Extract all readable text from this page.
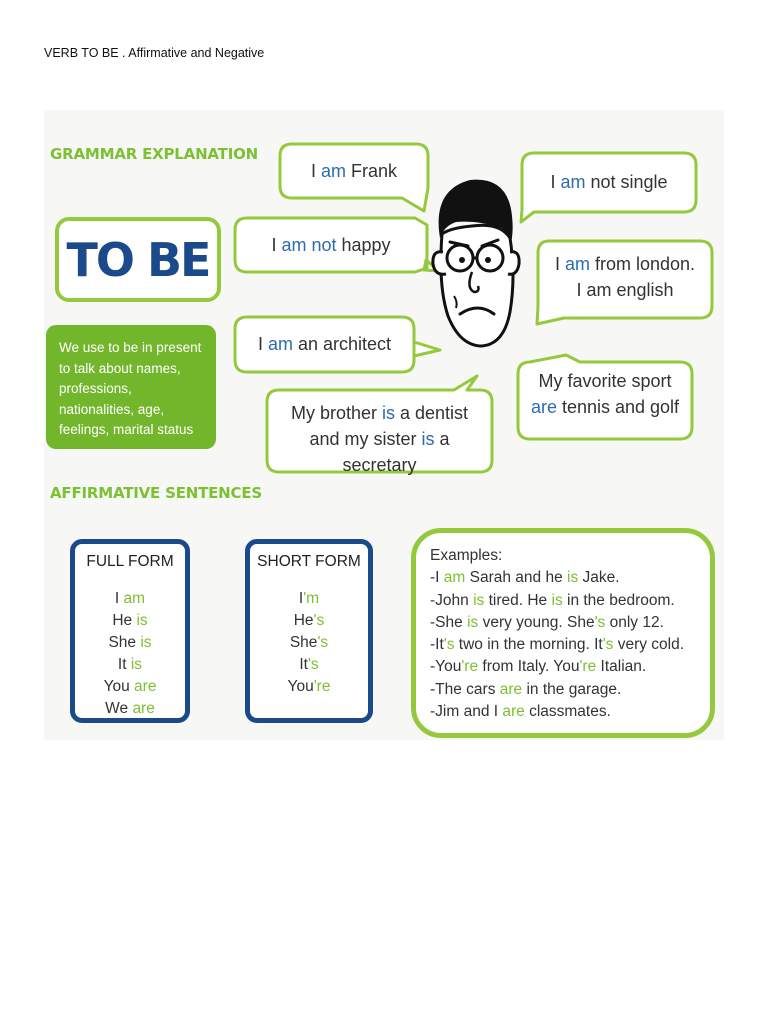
VERB TO BE . Affirmative and Negative
GRAMMAR EXPLANATION
TO BE
We use to be in present
to talk about names,
professions,
nationalities, age,
feelings, marital status
I am Frank
I am not happy
I am an architect
My brother is a dentist
and my sister is a
secretary
I am not single
I am from london.
I am english
My favorite sport
are tennis and golf
AFFIRMATIVE SENTENCES
FULL FORM
I am
He is
She is
It is
You are
We are
SHORT FORM
I'm
He's
She's
It's
You're
Examples:
-I am Sarah and he is Jake.
-John is tired. He is in the bedroom.
-She is very young. She's only 12.
-It's two in the morning. It's very cold.
-You're from Italy. You're Italian.
-The cars are in the garage.
-Jim and I are classmates.
